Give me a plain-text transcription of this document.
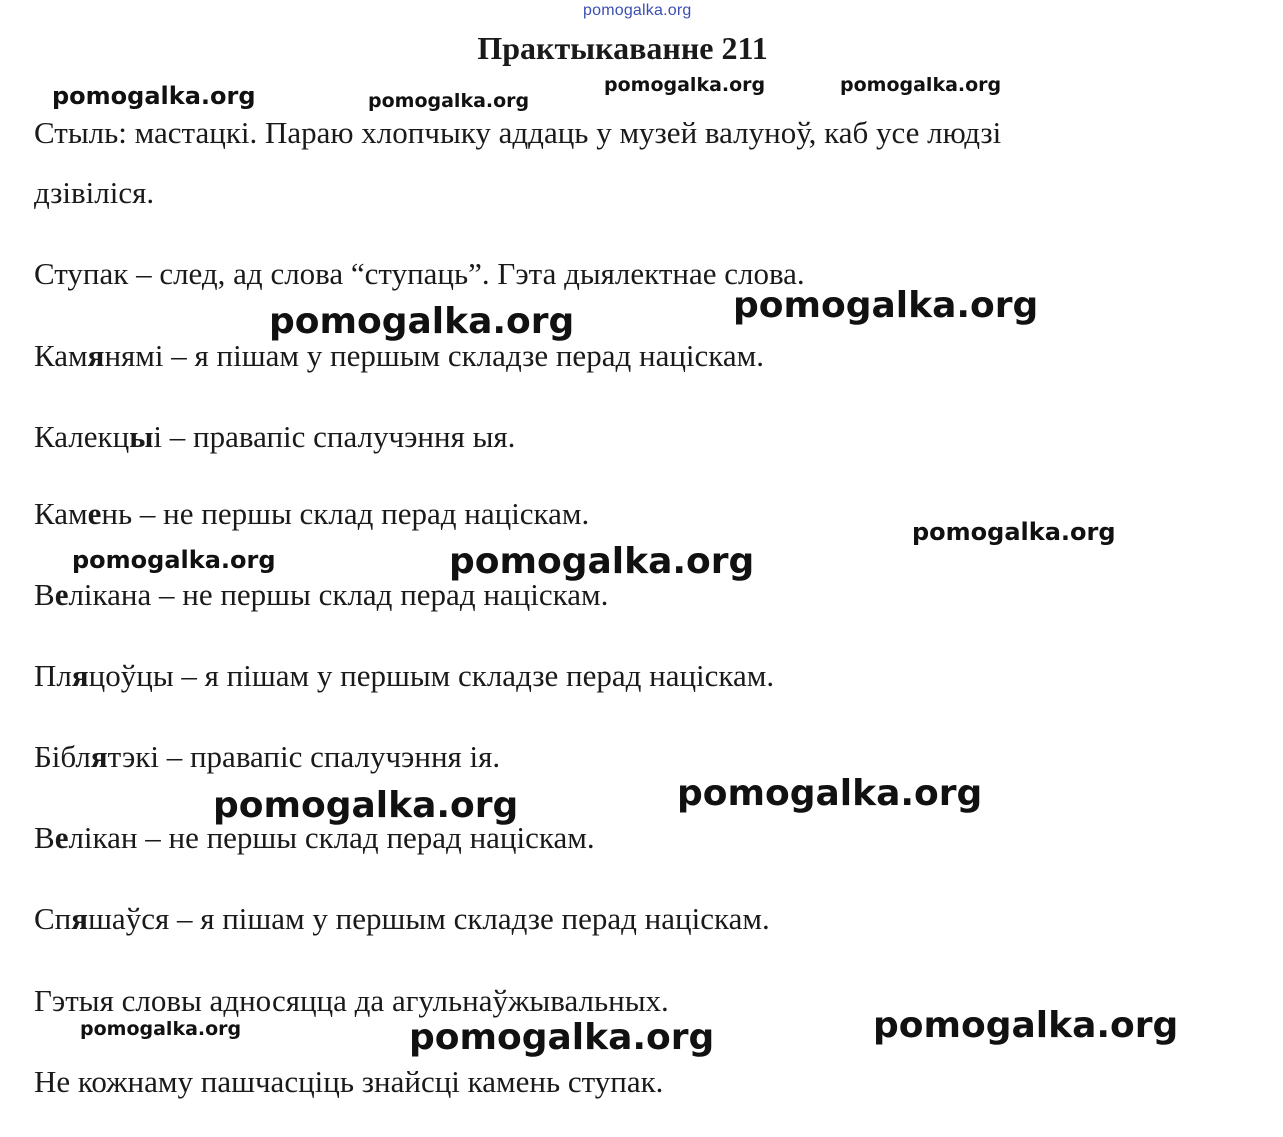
pomogalka.org
Практыкаванне 211
Стыль: мастацкі. Параю хлопчыку аддаць у музей валуноў, каб усе людзі
дзівіліся.
Ступак – след, ад слова “ступаць”. Гэта дыялектнае слова.
Камянямі – я пішам у першым складзе перад націскам.
Калекцыі – правапіс спалучэння ыя.
Камень – не першы склад перад націскам.
Велікана – не першы склад перад націскам.
Пляцоўцы – я пішам у першым складзе перад націскам.
Біблятэкі – правапіс спалучэння ія.
Велікан – не першы склад перад націскам.
Спяшаўся – я пішам у першым складзе перад націскам.
Гэтыя словы адносяцца да агульнаўжывальных.
Не кожнаму пашчасціць знайсці камень ступак.
pomogalka.org	pomogalka.org
pomogalka.org	pomogalka.org
pomogalka.org	pomogalka.org
pomogalka.org
pomogalka.org	pomogalka.org
pomogalka.org	pomogalka.org
pomogalka.org	pomogalka.org	pomogalka.org
